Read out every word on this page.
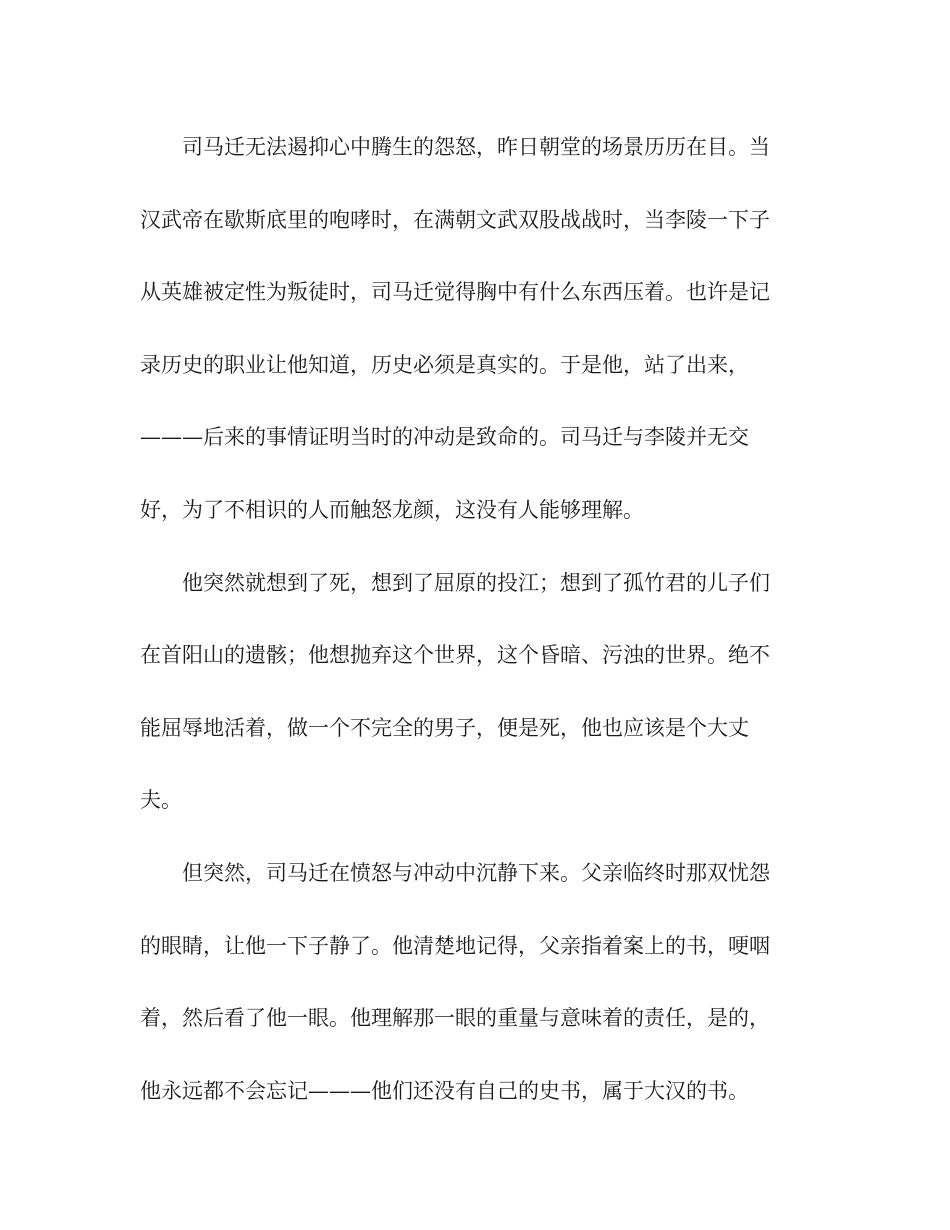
司马迁无法遏抑心中腾生的怨怒，昨日朝堂的场景历历在目。当
汉武帝在歇斯底里的咆哮时，在满朝文武双股战战时，当李陵一下子
从英雄被定性为叛徒时，司马迁觉得胸中有什么东西压着。也许是记
录历史的职业让他知道，历史必须是真实的。于是他，站了出来，
———后来的事情证明当时的冲动是致命的。司马迁与李陵并无交
好，为了不相识的人而触怒龙颜，这没有人能够理解。

他突然就想到了死，想到了屈原的投江；想到了孤竹君的儿子们
在首阳山的遗骸；他想抛弃这个世界，这个昏暗、污浊的世界。绝不
能屈辱地活着，做一个不完全的男子，便是死，他也应该是个大丈
夫。

但突然，司马迁在愤怒与冲动中沉静下来。父亲临终时那双忧怨
的眼睛，让他一下子静了。他清楚地记得，父亲指着案上的书，哽咽
着，然后看了他一眼。他理解那一眼的重量与意味着的责任，是的，
他永远都不会忘记———他们还没有自己的史书，属于大汉的书。
